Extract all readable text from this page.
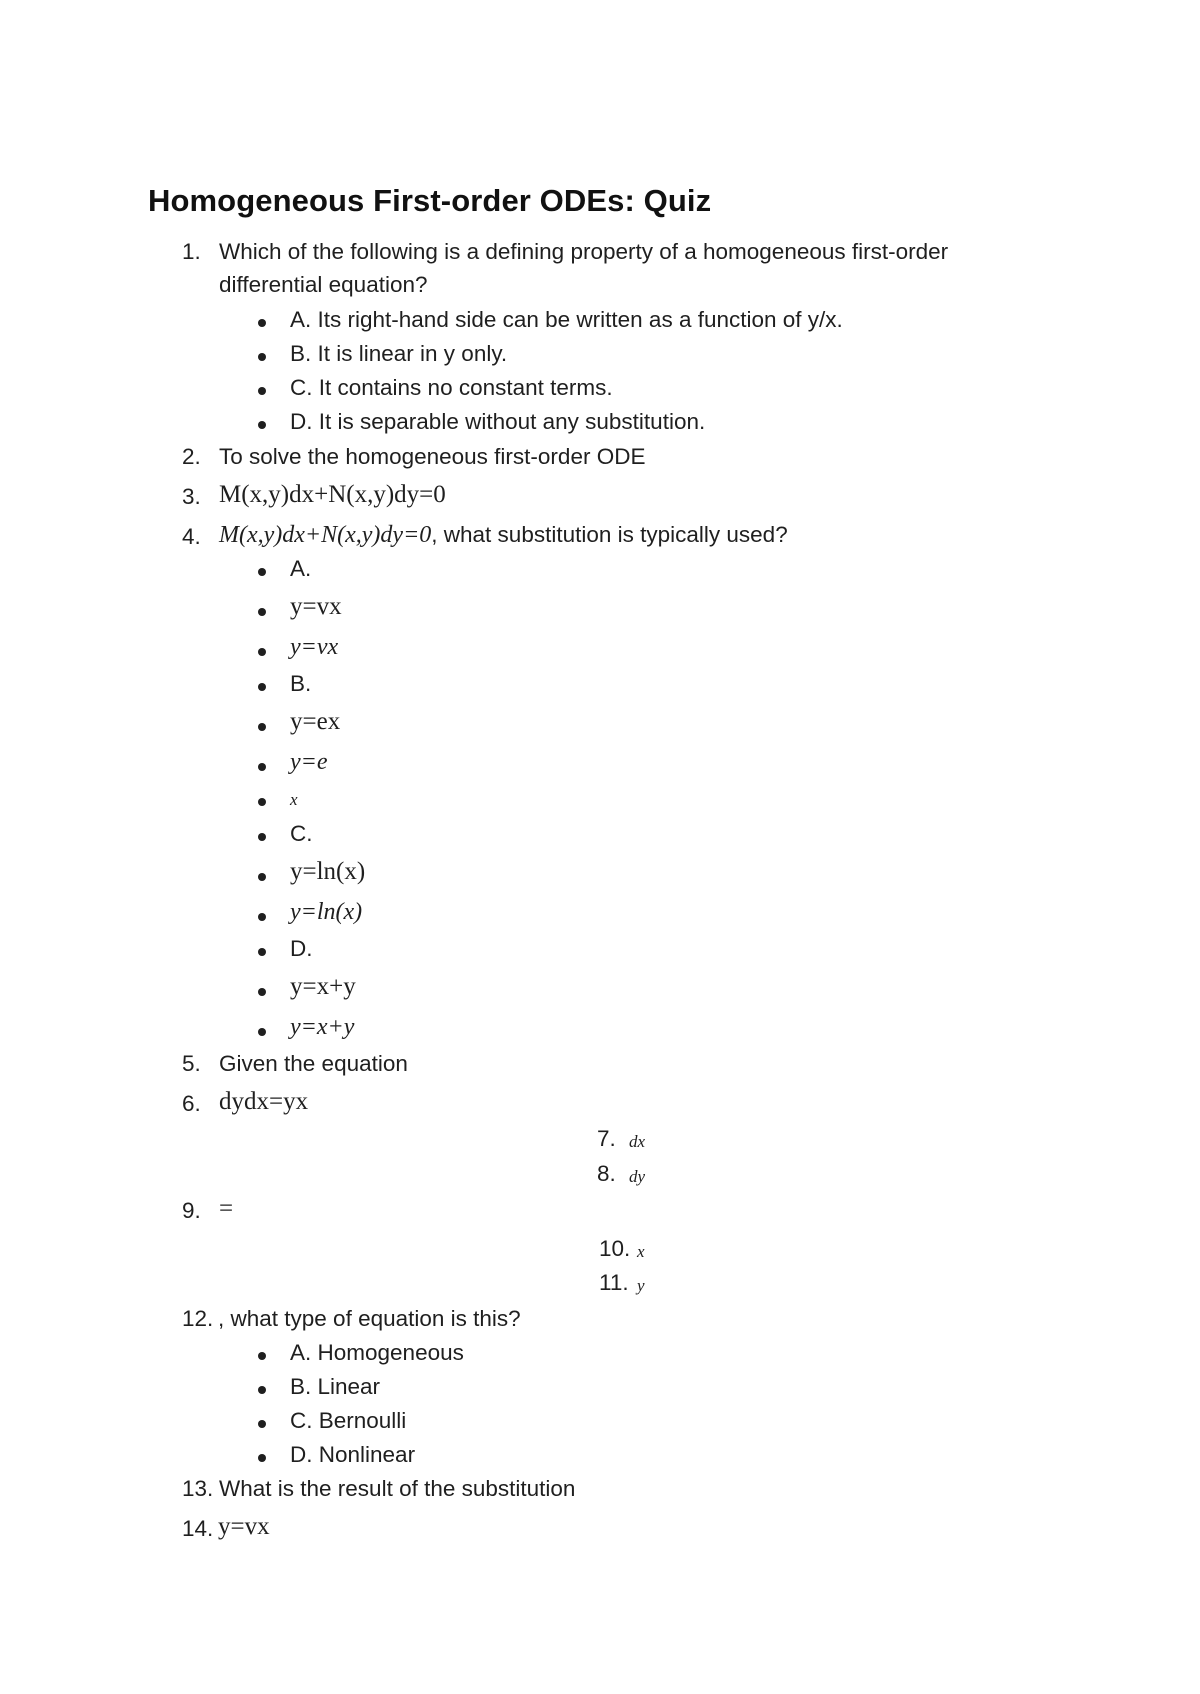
Homogeneous First-order ODEs: Quiz
1. Which of the following is a defining property of a homogeneous first-order
differential equation?
A. Its right-hand side can be written as a function of y/x.
B. It is linear in y only.
C. It contains no constant terms.
D. It is separable without any substitution.
2. To solve the homogeneous first-order ODE
3. M(x,y)dx+N(x,y)dy=0
4. M(x,y)dx+N(x,y)dy=0, what substitution is typically used?
A.
y=vx
y=vx
B.
y=ex
y=e
x
C.
y=ln(x)
y=ln(x)
D.
y=x+y
y=x+y
5. Given the equation
6. dydx=yx
7. dx
8. dy
9. =
10. x
11. y
12. , what type of equation is this?
A. Homogeneous
B. Linear
C. Bernoulli
D. Nonlinear
13. What is the result of the substitution
14. y=vx
